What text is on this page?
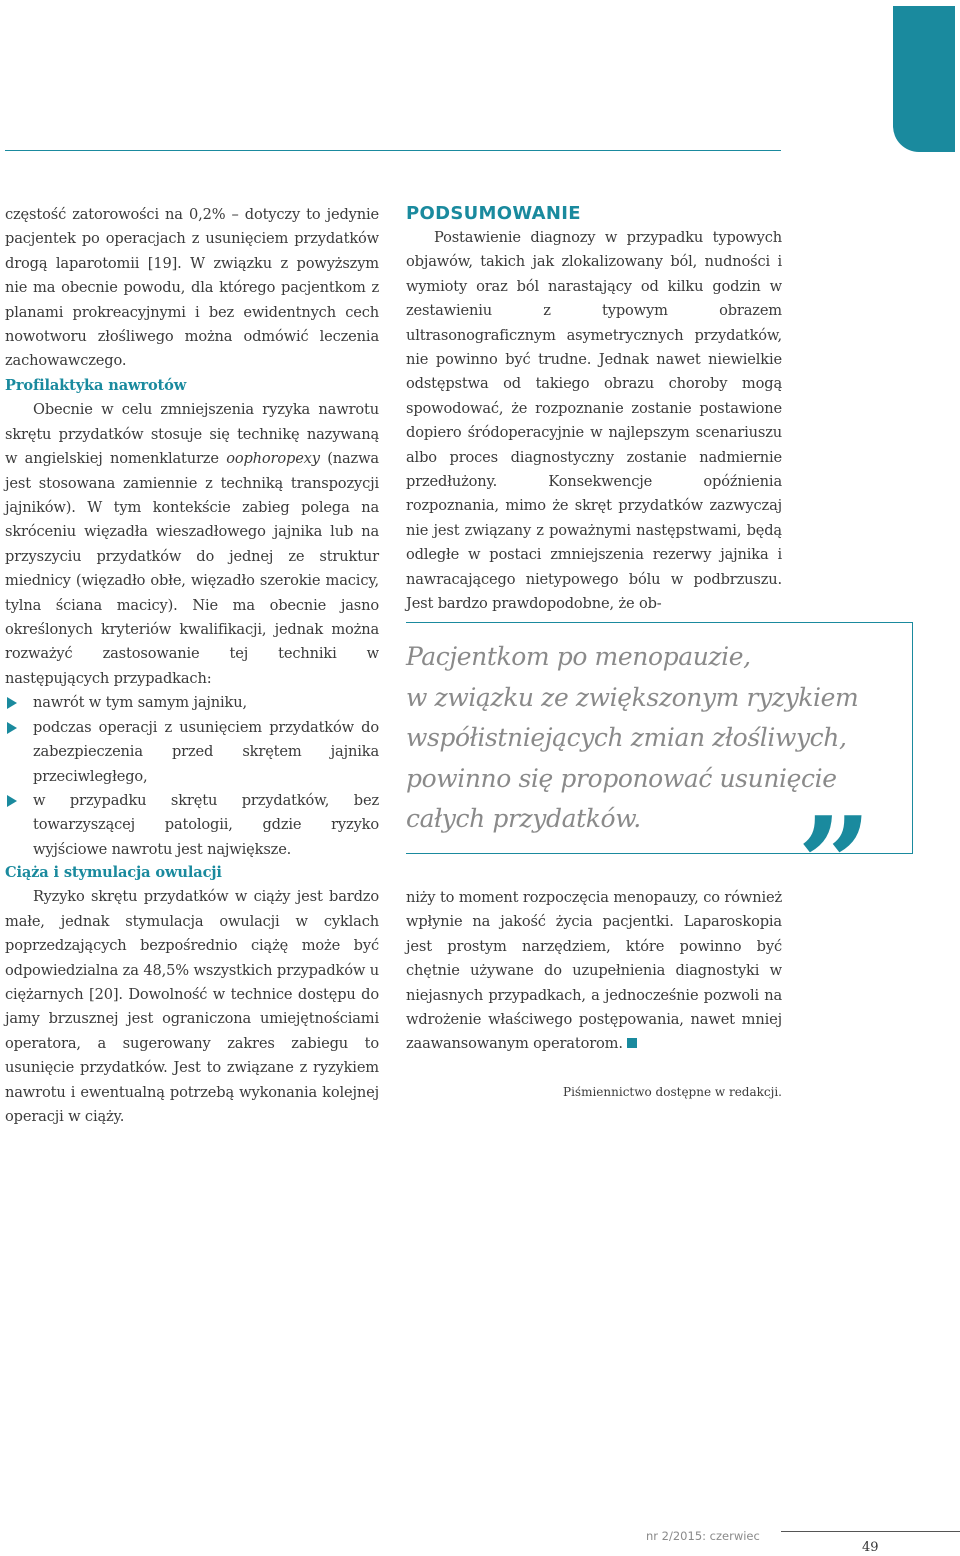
częstość zatorowości na 0,2% – dotyczy to jedynie pacjentek po operacjach z usunięciem przydatków drogą laparotomii [19]. W związku z powyższym nie ma obecnie powodu, dla którego pacjentkom z planami prokreacyjnymi i bez ewidentnych cech nowotworu złośliwego można odmówić leczenia zachowawczego.

Profilaktyka nawrotów

Obecnie w celu zmniejszenia ryzyka nawrotu skrętu przydatków stosuje się technikę nazywaną w angielskiej nomenklaturze oophoropexy (nazwa jest stosowana zamiennie z techniką transpozycji jajników). W tym kontekście zabieg polega na skróceniu więzadła wieszadłowego jajnika lub na przyszyciu przydatków do jednej ze struktur miednicy (więzadło obłe, więzadło szerokie macicy, tylna ściana macicy). Nie ma obecnie jasno określonych kryteriów kwalifikacji, jednak można rozważyć zastosowanie tej techniki w następujących przypadkach:

nawrót w tym samym jajniku,
podczas operacji z usunięciem przydatków do zabezpieczenia przed skrętem jajnika przeciwległego,
w przypadku skrętu przydatków, bez towarzyszącej patologii, gdzie ryzyko wyjściowe nawrotu jest największe.
Ciąża i stymulacja owulacji

Ryzyko skrętu przydatków w ciąży jest bardzo małe, jednak stymulacja owulacji w cyklach poprzedzających bezpośrednio ciążę może być odpowiedzialna za 48,5% wszystkich przypadków u ciężarnych [20]. Dowolność w technice dostępu do jamy brzusznej jest ograniczona umiejętnościami operatora, a sugerowany zakres zabiegu to usunięcie przydatków. Jest to związane z ryzykiem nawrotu i ewentualną potrzebą wykonania kolejnej operacji w ciąży.

PODSUMOWANIE

Postawienie diagnozy w przypadku typowych objawów, takich jak zlokalizowany ból, nudności i wymioty oraz ból narastający od kilku godzin w zestawieniu z typowym obrazem ultrasonograficznym asymetrycznych przydatków, nie powinno być trudne. Jednak nawet niewielkie odstępstwa od takiego obrazu choroby mogą spowodować, że rozpoznanie zostanie postawione dopiero śródoperacyjnie w najlepszym scenariuszu albo proces diagnostyczny zostanie nadmiernie przedłużony. Konsekwencje opóźnienia rozpoznania, mimo że skręt przydatków zazwyczaj nie jest związany z poważnymi następstwami, będą odległe w postaci zmniejszenia rezerwy jajnika i nawracającego nietypowego bólu w podbrzuszu. Jest bardzo prawdopodobne, że ob-

Pacjentkom po menopauzie,
w związku ze zwiększonym ryzykiem
współistniejących zmian złośliwych,
powinno się proponować usunięcie
całych przydatków.	”

niży to moment rozpoczęcia menopauzy, co również wpłynie na jakość życia pacjentki. Laparoskopia jest prostym narzędziem, które powinno być chętnie używane do uzupełnienia diagnostyki w niejasnych przypadkach, a jednocześnie pozwoli na wdrożenie właściwego postępowania, nawet mniej zaawansowanym operatorom.

Piśmiennictwo dostępne w redakcji.
nr 2/2015: czerwiec
49
